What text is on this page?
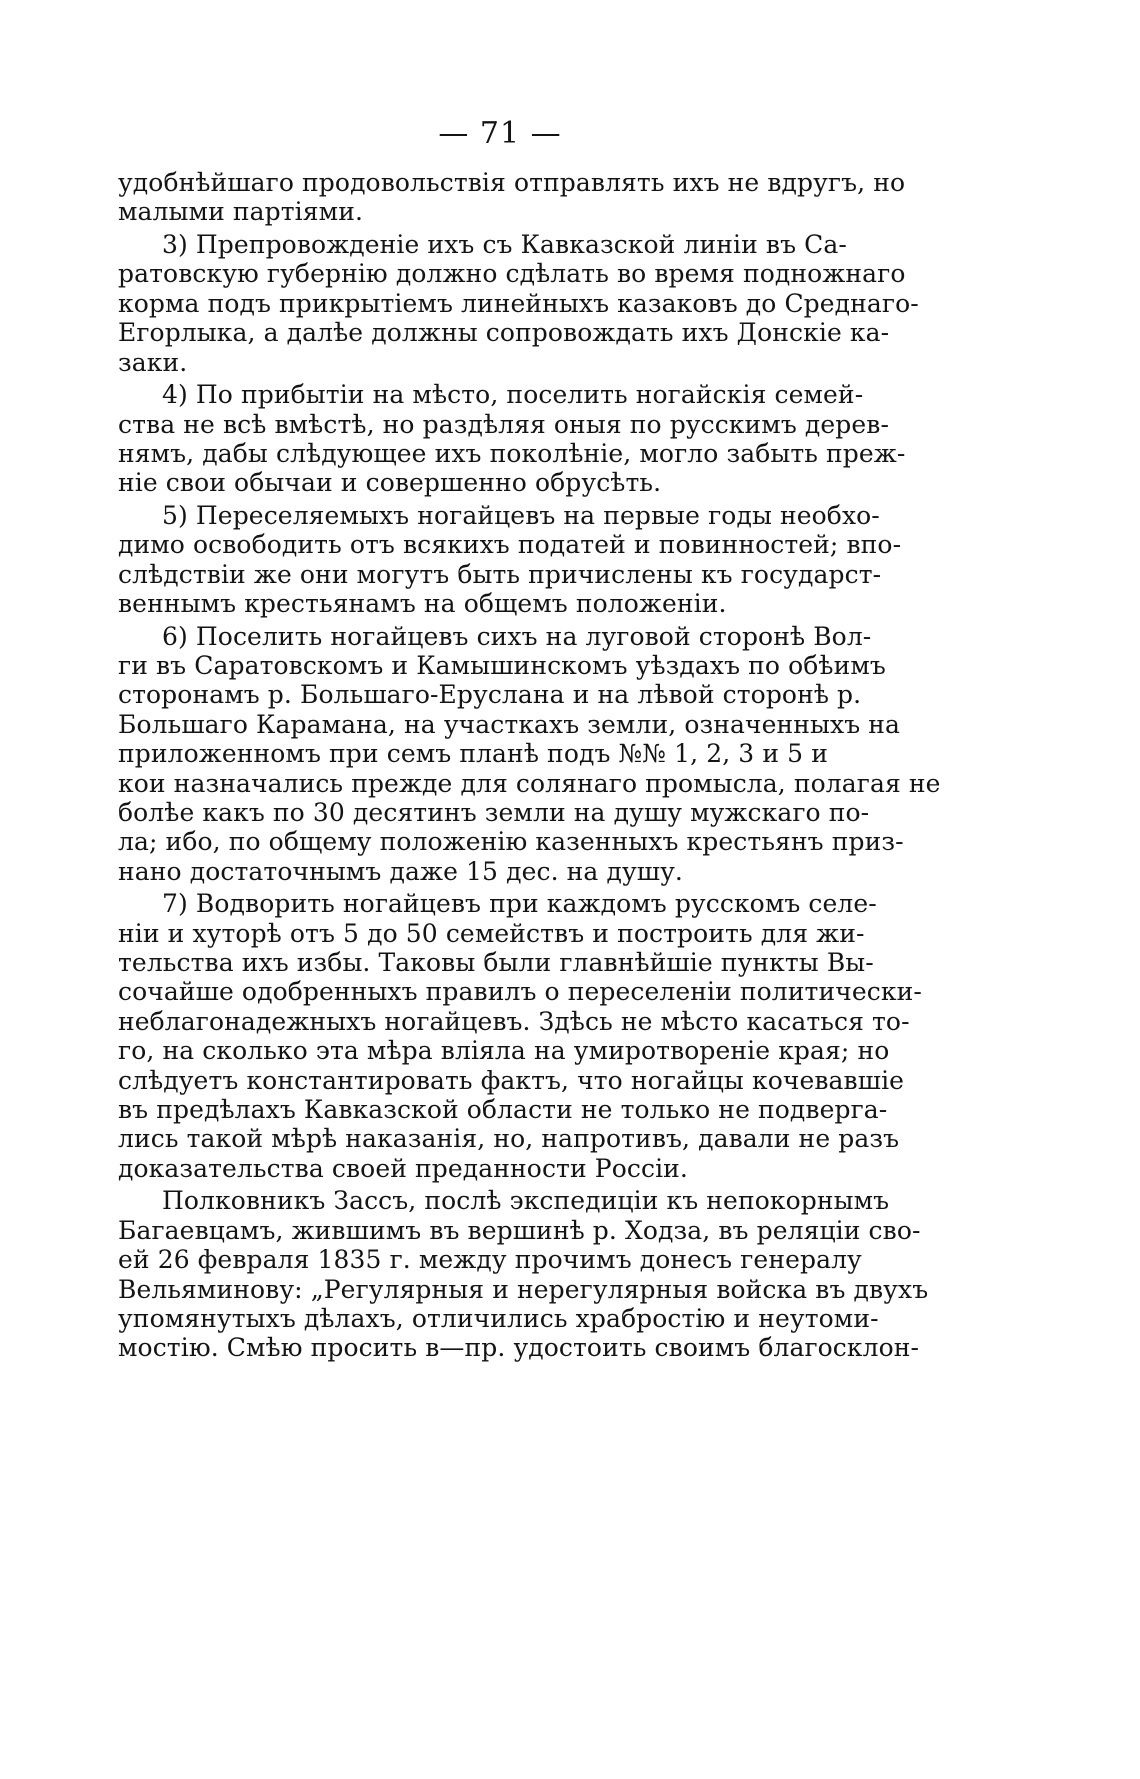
— 71 —
удобнѣйшаго продовольствія отправлять ихъ не вдругъ, но
малыми партіями.
3) Препровожденіе ихъ съ Кавказской линіи въ Са-
ратовскую губернію должно сдѣлать во время подножнаго
корма подъ прикрытіемъ линейныхъ казаковъ до Среднаго-
Егорлыка, а далѣе должны сопровождать ихъ Донскіе ка-
заки.
4) По прибытіи на мѣсто, поселить ногайскія семей-
ства не всѣ вмѣстѣ, но раздѣляя оныя по русскимъ дерев-
нямъ, дабы слѣдующее ихъ поколѣніе, могло забыть преж-
ніе свои обычаи и совершенно обрусѣть.
5) Переселяемыхъ ногайцевъ на первые годы необхо-
димо освободить отъ всякихъ податей и повинностей; впо-
слѣдствіи же они могутъ быть причислены къ государст-
веннымъ крестьянамъ на общемъ положеніи.
6) Поселить ногайцевъ сихъ на луговой сторонѣ Вол-
ги въ Саратовскомъ и Камышинскомъ уѣздахъ по обѣимъ
сторонамъ р. Большаго-Еруслана и на лѣвой сторонѣ р.
Большаго Карамана, на участкахъ земли, означенныхъ на
приложенномъ при семъ планѣ подъ №№ 1, 2, 3 и 5 и
кои назначались прежде для солянаго промысла, полагая не
болѣе какъ по 30 десятинъ земли на душу мужскаго по-
ла; ибо, по общему положенію казенныхъ крестьянъ приз-
нано достаточнымъ даже 15 дес. на душу.
7) Водворить ногайцевъ при каждомъ русскомъ селе-
ніи и хуторѣ отъ 5 до 50 семействъ и построить для жи-
тельства ихъ избы. Таковы были главнѣйшіе пункты Вы-
сочайше одобренныхъ правилъ о переселеніи политически-
неблагонадежныхъ ногайцевъ. Здѣсь не мѣсто касаться то-
го, на сколько эта мѣра вліяла на умиротвореніе края; но
слѣдуетъ константировать фактъ, что ногайцы кочевавшіе
въ предѣлахъ Кавказской области не только не подверга-
лись такой мѣрѣ наказанія, но, напротивъ, давали не разъ
доказательства своей преданности Россіи.
Полковникъ Зассъ, послѣ экспедиціи къ непокорнымъ
Багаевцамъ, жившимъ въ вершинѣ р. Ходза, въ реляціи сво-
ей 26 февраля 1835 г. между прочимъ донесъ генералу
Вельяминову: „Регулярныя и нерегулярныя войска въ двухъ
упомянутыхъ дѣлахъ, отличились храбростію и неутоми-
мостію. Смѣю просить в—пр. удостоить своимъ благосклон-
